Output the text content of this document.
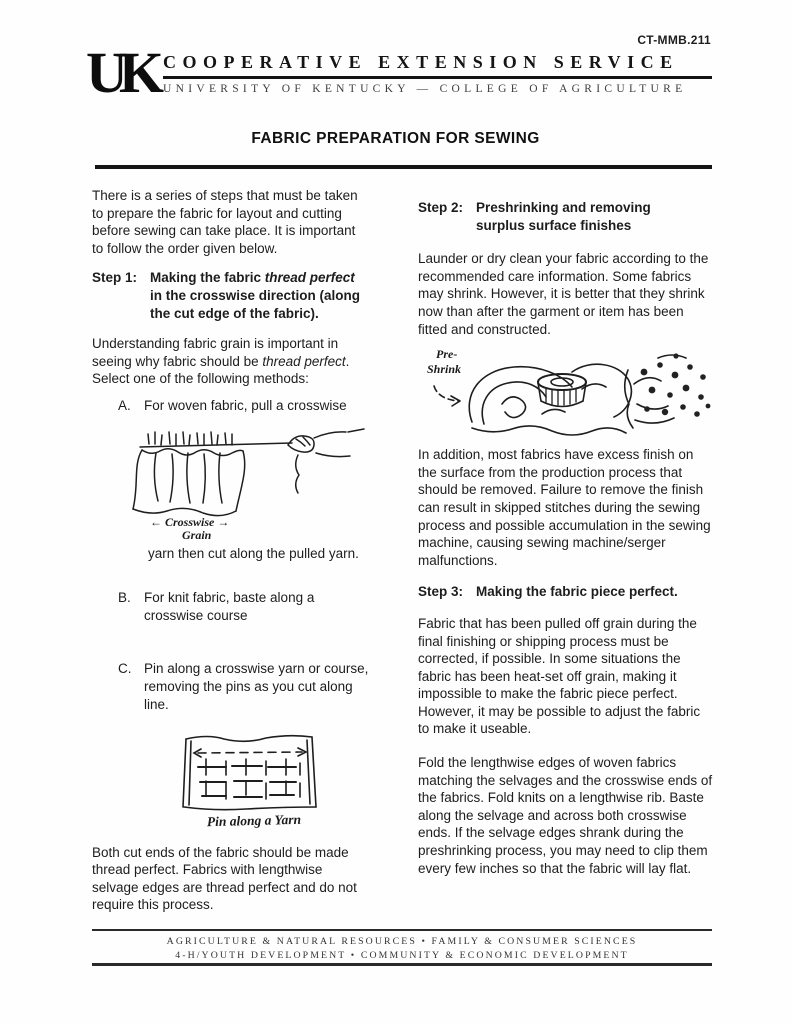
CT-MMB.211
UK COOPERATIVE EXTENSION SERVICE
UNIVERSITY OF KENTUCKY — COLLEGE OF AGRICULTURE
FABRIC PREPARATION FOR SEWING

There is a series of steps that must be taken to prepare the fabric for layout and cutting before sewing can take place. It is important to follow the order given below.

Step 1: Making the fabric thread perfect in the crosswise direction (along the cut edge of the fabric).

Understanding fabric grain is important in seeing why fabric should be thread perfect. Select one of the following methods:

A. For woven fabric, pull a crosswise
← Crosswise →
Grain

yarn then cut along the pulled yarn.

B. For knit fabric, baste along a crosswise course
C. Pin along a crosswise yarn or course, removing the pins as you cut along line.
Pin along a Yarn

Both cut ends of the fabric should be made thread perfect. Fabrics with lengthwise selvage edges are thread perfect and do not require this process.

Step 2: Preshrinking and removing surplus surface finishes

Launder or dry clean your fabric according to the recommended care information. Some fabrics may shrink. However, it is better that they shrink now than after the garment or item has been fitted and constructed.

Pre-
Shrink

In addition, most fabrics have excess finish on the surface from the production process that should be removed. Failure to remove the finish can result in skipped stitches during the sewing process and possible accumulation in the sewing machine, causing sewing machine/serger malfunctions.

Step 3: Making the fabric piece perfect.

Fabric that has been pulled off grain during the final finishing or shipping process must be corrected, if possible. In some situations the fabric has been heat-set off grain, making it impossible to make the fabric piece perfect. However, it may be possible to adjust the fabric to make it useable.

Fold the lengthwise edges of woven fabrics matching the selvages and the crosswise ends of the fabrics. Fold knits on a lengthwise rib. Baste along the selvage and across both crosswise ends. If the selvage edges shrank during the preshrinking process, you may need to clip them every few inches so that the fabric will lay flat.

AGRICULTURE & NATURAL RESOURCES • FAMILY & CONSUMER SCIENCES
4-H/YOUTH DEVELOPMENT • COMMUNITY & ECONOMIC DEVELOPMENT
